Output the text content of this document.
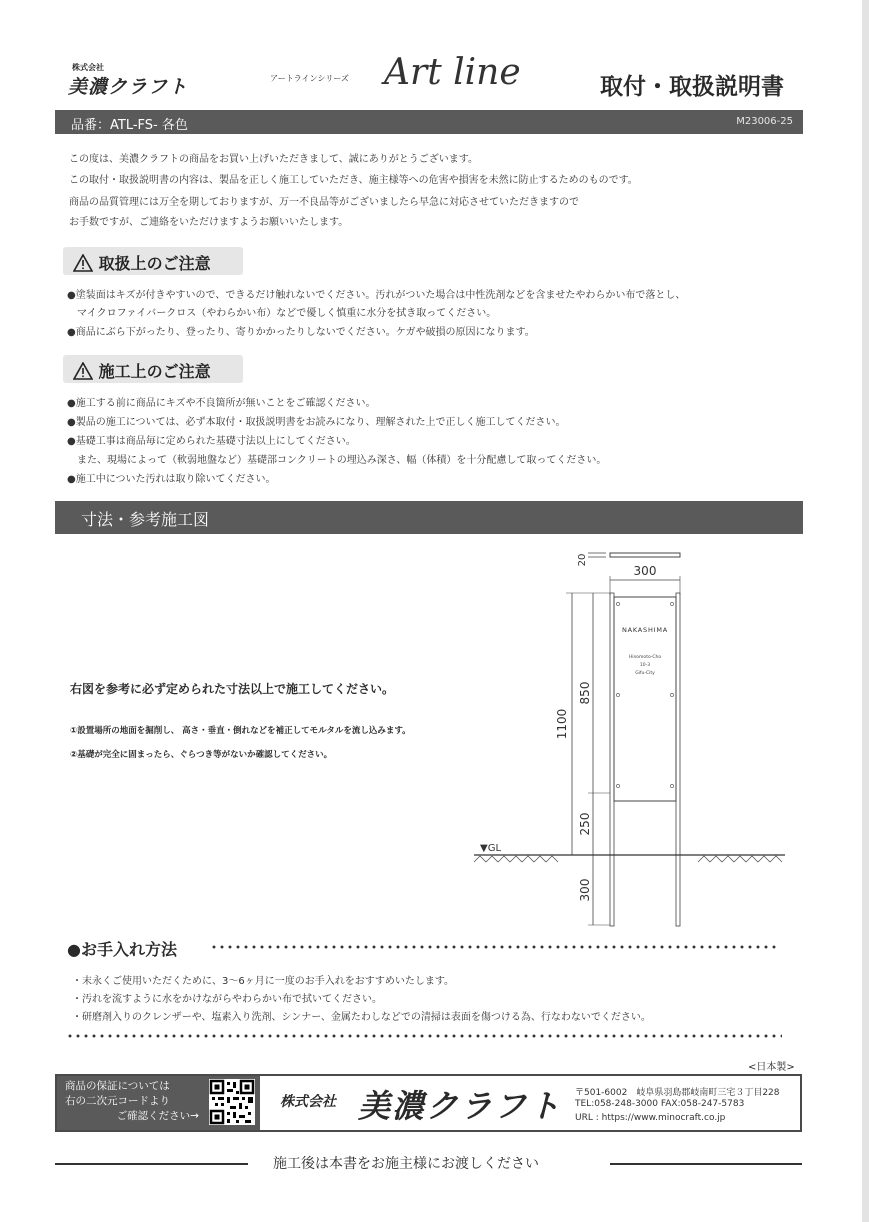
株式会社
美濃クラフト	アートラインシリーズ Art line	取付・取扱説明書
品番：ATL-FS- 各色	M23006-25
この度は、美濃クラフトの商品をお買い上げいただきまして、誠にありがとうございます。
この取付・取扱説明書の内容は、製品を正しく施工していただき、施主様等への危害や損害を未然に防止するためのものです。
商品の品質管理には万全を期しておりますが、万一不良品等がございましたら早急に対応させていただきますので
お手数ですが、ご連絡をいただけますようお願いいたします。
取扱上のご注意
●塗装面はキズが付きやすいので、できるだけ触れないでください。汚れがついた場合は中性洗剤などを含ませたやわらかい布で落とし、
　マイクロファイバークロス（やわらかい布）などで優しく慎重に水分を拭き取ってください。
●商品にぶら下がったり、登ったり、寄りかかったりしないでください。ケガや破損の原因になります。
施工上のご注意
●施工する前に商品にキズや不良箇所が無いことをご確認ください。
●製品の施工については、必ず本取付・取扱説明書をお読みになり、理解された上で正しく施工してください。
●基礎工事は商品毎に定められた基礎寸法以上にしてください。
　また、現場によって（軟弱地盤など）基礎部コンクリートの埋込み深さ、幅（体積）を十分配慮して取ってください。
●施工中についた汚れは取り除いてください。
寸法・参考施工図
右図を参考に必ず定められた寸法以上で施工してください。
①設置場所の地面を掘削し、 高さ・垂直・倒れなどを補正してモルタルを流し込みます。
②基礎が完全に固まったら、ぐらつき等がないか確認してください。
20
300
1100
850
250
300
NAKASHIMA
Hinomoto-Cho
10-3
Gifu-City
▼GL
●お手入れ方法
・末永くご使用いただくために、3〜6ヶ月に一度のお手入れをおすすめいたします。
・汚れを流すように水をかけながらやわらかい布で拭いてください。
・研磨剤入りのクレンザーや、塩素入り洗剤、シンナー、金属たわしなどでの清掃は表面を傷つける為、行なわないでください。
<日本製>
商品の保証については
右の二次元コードより
ご確認ください→
株式会社 美濃クラフト 〒501-6002　岐阜県羽島郡岐南町三宅３丁目228
TEL:058-248-3000 FAX:058-247-5783
URL : https://www.minocraft.co.jp
施工後は本書をお施主様にお渡しください
